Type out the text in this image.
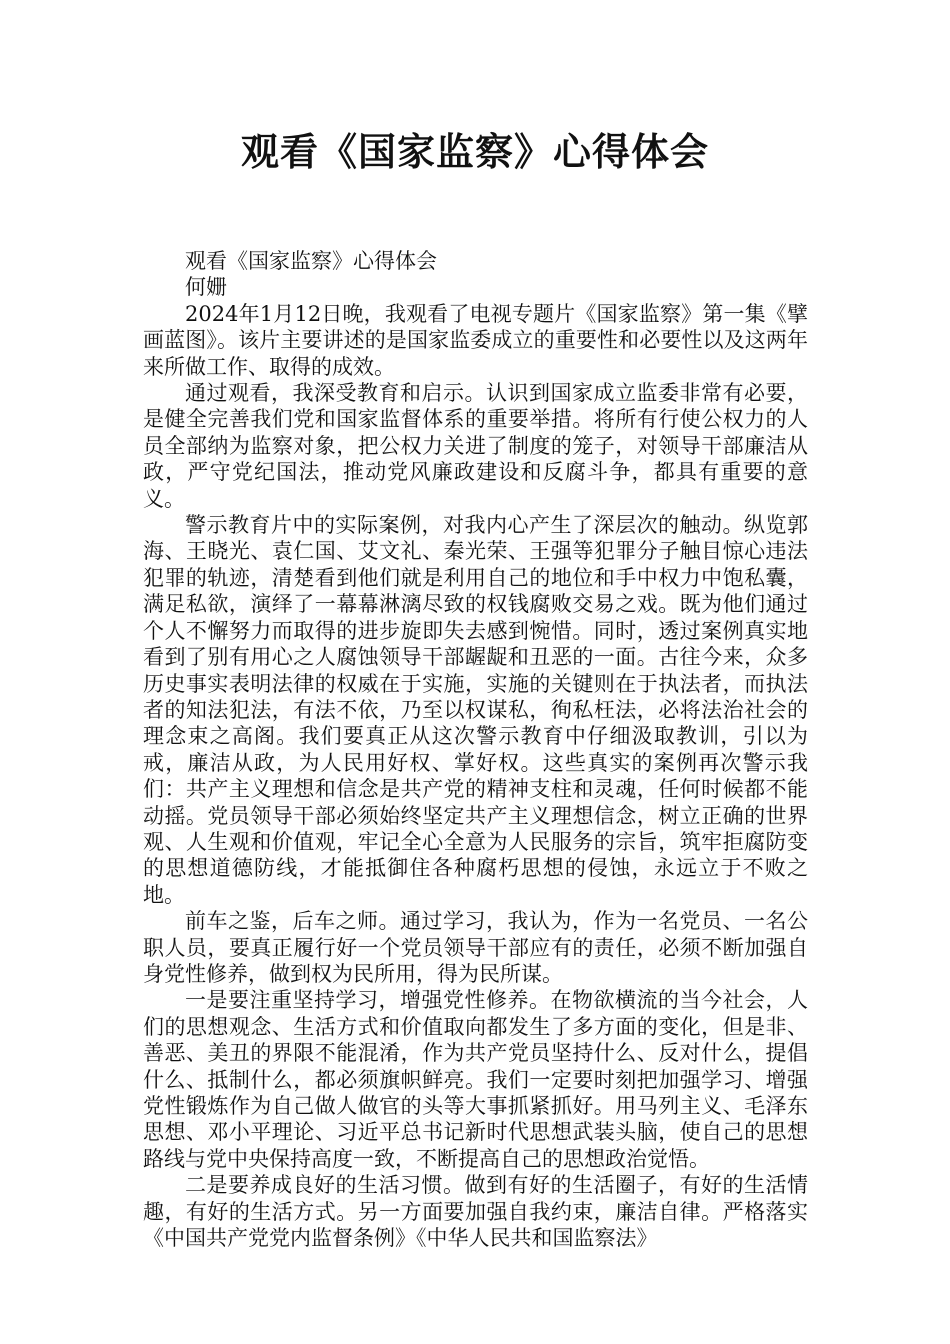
观看《国家监察》心得体会

观看《国家监察》心得体会

何姗

2024年1月12日晚，我观看了电视专题片《国家监察》第一集《擘画蓝图》。该片主要讲述的是国家监委成立的重要性和必要性以及这两年来所做工作、取得的成效。

通过观看，我深受教育和启示。认识到国家成立监委非常有必要，是健全完善我们党和国家监督体系的重要举措。将所有行使公权力的人员全部纳为监察对象，把公权力关进了制度的笼子，对领导干部廉洁从政，严守党纪国法，推动党风廉政建设和反腐斗争，都具有重要的意义。

警示教育片中的实际案例，对我内心产生了深层次的触动。纵览郭海、王晓光、袁仁国、艾文礼、秦光荣、王强等犯罪分子触目惊心违法犯罪的轨迹，清楚看到他们就是利用自己的地位和手中权力中饱私囊，满足私欲，演绎了一幕幕淋漓尽致的权钱腐败交易之戏。既为他们通过个人不懈努力而取得的进步旋即失去感到惋惜。同时，透过案例真实地看到了别有用心之人腐蚀领导干部龌龊和丑恶的一面。古往今来，众多历史事实表明法律的权威在于实施，实施的关键则在于执法者，而执法者的知法犯法，有法不依，乃至以权谋私，徇私枉法，必将法治社会的理念束之高阁。我们要真正从这次警示教育中仔细汲取教训，引以为戒，廉洁从政，为人民用好权、掌好权。这些真实的案例再次警示我们：共产主义理想和信念是共产党的精神支柱和灵魂，任何时候都不能动摇。党员领导干部必须始终坚定共产主义理想信念，树立正确的世界观、人生观和价值观，牢记全心全意为人民服务的宗旨，筑牢拒腐防变的思想道德防线，才能抵御住各种腐朽思想的侵蚀，永远立于不败之地。

前车之鉴，后车之师。通过学习，我认为，作为一名党员、一名公职人员，要真正履行好一个党员领导干部应有的责任，必须不断加强自身党性修养，做到权为民所用，得为民所谋。

一是要注重坚持学习，增强党性修养。在物欲横流的当今社会，人们的思想观念、生活方式和价值取向都发生了多方面的变化，但是非、善恶、美丑的界限不能混淆，作为共产党员坚持什么、反对什么，提倡什么、抵制什么，都必须旗帜鲜亮。我们一定要时刻把加强学习、增强党性锻炼作为自己做人做官的头等大事抓紧抓好。用马列主义、毛泽东思想、邓小平理论、习近平总书记新时代思想武装头脑，使自己的思想路线与党中央保持高度一致，不断提高自己的思想政治觉悟。

二是要养成良好的生活习惯。做到有好的生活圈子，有好的生活情趣，有好的生活方式。另一方面要加强自我约束，廉洁自律。严格落实《中国共产党党内监督条例》《中华人民共和国监察法》
